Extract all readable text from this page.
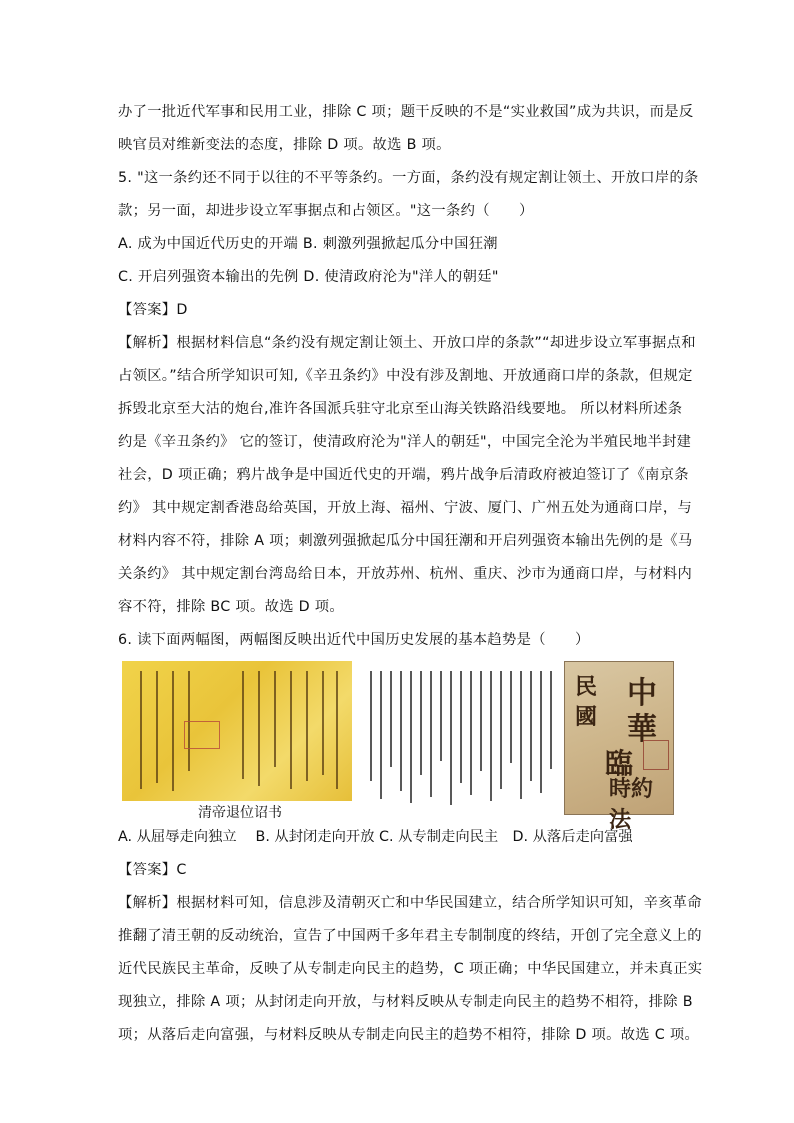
办了一批近代军事和民用工业，排除 C 项；题干反映的不是“实业救国”成为共识，而是反
映官员对维新变法的态度，排除 D 项。故选 B 项。
5. "这一条约还不同于以往的不平等条约。一方面，条约没有规定割让领土、开放口岸的条
款；另一面，却进步设立军事据点和占领区。"这一条约（　　）
A. 成为中国近代历史的开端 B. 刺激列强掀起瓜分中国狂潮
C. 开启列强资本输出的先例 D. 使清政府沦为"洋人的朝廷"
【答案】D
【解析】根据材料信息“条约没有规定割让领土、开放口岸的条款”“却进步设立军事据点和
占领区。”结合所学知识可知,《辛丑条约》中没有涉及割地、开放通商口岸的条款，但规定
拆毁北京至大沽的炮台,准许各国派兵驻守北京至山海关铁路沿线要地。 所以材料所述条
约是《辛丑条约》 它的签订，使清政府沦为"洋人的朝廷"，中国完全沦为半殖民地半封建
社会，D 项正确；鸦片战争是中国近代史的开端，鸦片战争后清政府被迫签订了《南京条
约》 其中规定割香港岛给英国，开放上海、福州、宁波、厦门、广州五处为通商口岸，与
材料内容不符，排除 A 项；刺激列强掀起瓜分中国狂潮和开启列强资本输出先例的是《马
关条约》 其中规定割台湾岛给日本，开放苏州、杭州、重庆、沙市为通商口岸，与材料内
容不符，排除 BC 项。故选 D 项。
6. 读下面两幅图，两幅图反映出近代中国历史发展的基本趋势是（　　）
中
華
民
國
臨
時約法
清帝退位诏书
A. 从屈辱走向独立　 B. 从封闭走向开放 C. 从专制走向民主　D. 从落后走向富强
【答案】C
【解析】根据材料可知，信息涉及清朝灭亡和中华民国建立，结合所学知识可知，辛亥革命
推翻了清王朝的反动统治，宣告了中国两千多年君主专制制度的终结，开创了完全意义上的
近代民族民主革命，反映了从专制走向民主的趋势，C 项正确；中华民国建立，并未真正实
现独立，排除 A 项；从封闭走向开放，与材料反映从专制走向民主的趋势不相符，排除 B
项；从落后走向富强，与材料反映从专制走向民主的趋势不相符，排除 D 项。故选 C 项。
